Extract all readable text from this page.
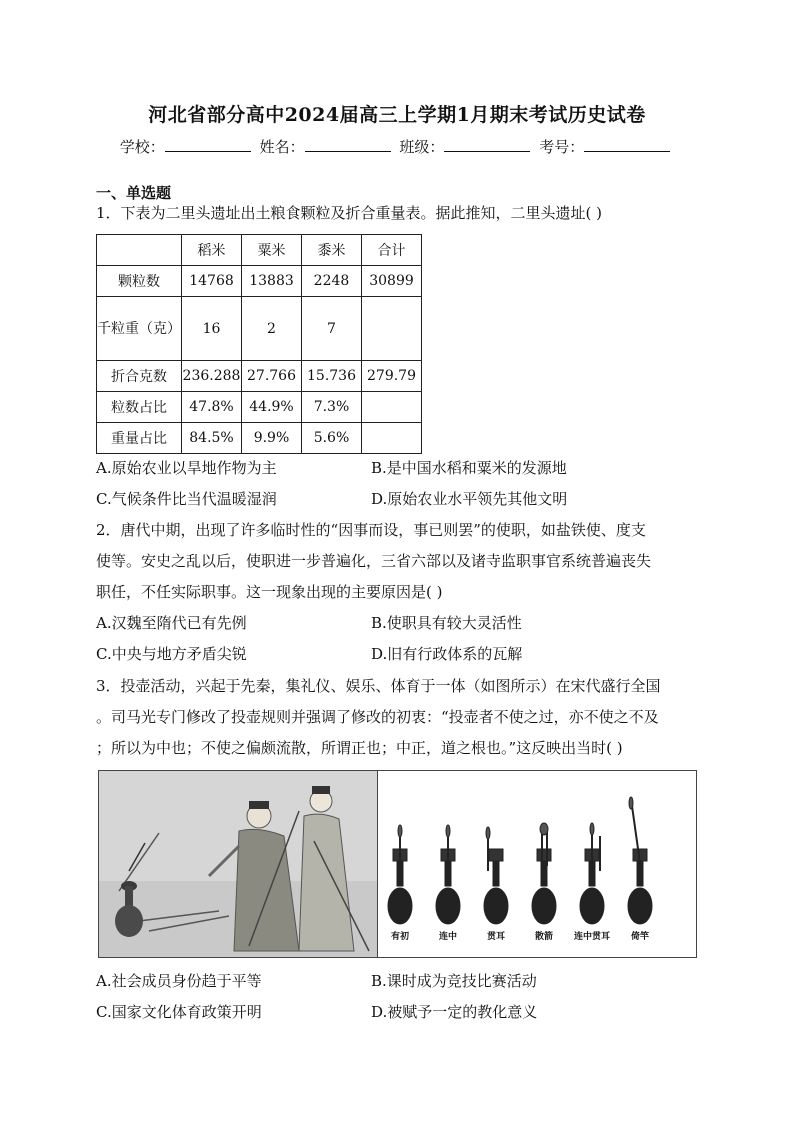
河北省部分高中2024届高三上学期1月期末考试历史试卷
学校：	姓名：	班级：	考号：
一、单选题

1．下表为二里头遗址出土粮食颗粒及折合重量表。据此推知，二里头遗址( )

	稻米	粟米	黍米	合计
颗粒数	14768	13883	2248	30899
千粒重（克）	16	2	7	
折合克数	236.288	27.766	15.736	279.79
粒数占比	47.8%	44.9%	7.3%	
重量占比	84.5%	9.9%	5.6%	
A.原始农业以旱地作物为主	B.是中国水稻和粟米的发源地
C.气候条件比当代温暖湿润	D.原始农业水平领先其他文明

2．唐代中期，出现了许多临时性的“因事而设，事已则罢”的使职，如盐铁使、度支

使等。安史之乱以后，使职进一步普遍化，三省六部以及诸寺监职事官系统普遍丧失

职任，不任实际职事。这一现象出现的主要原因是( )

A.汉魏至隋代已有先例	B.使职具有较大灵活性
C.中央与地方矛盾尖锐	D.旧有行政体系的瓦解

3．投壶活动，兴起于先秦，集礼仪、娱乐、体育于一体（如图所示）在宋代盛行全国

。司马光专门修改了投壶规则并强调了修改的初衷：“投壶者不使之过，亦不使之不及

；所以为中也；不使之偏颇流散，所谓正也；中正，道之根也。”这反映出当时( )

有初	连中	贯耳	散箭	连中贯耳	倚竿
A.社会成员身份趋于平等	B.课时成为竞技比赛活动
C.国家文化体育政策开明	D.被赋予一定的教化意义
